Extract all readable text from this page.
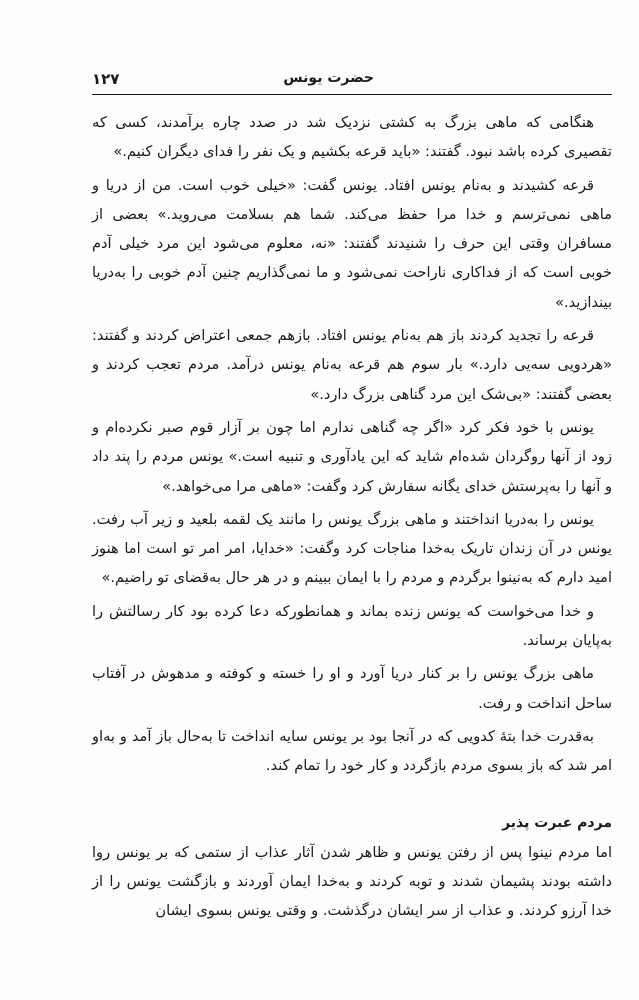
حضرت یونس
۱۲۷

هنگامی که ماهی بزرگ به کشتی نزدیک شد در صدد چاره برآمدند، کسی که تقصیری کرده باشد نبود. گفتند: «باید قرعه بکشیم و یک نفر را فدای دیگران کنیم.»

قرعه کشیدند و به‌نام یونس افتاد. یونس گفت: «خیلی خوب است. من از دریا و ماهی نمی‌ترسم و خدا مرا حفظ می‌کند. شما هم بسلامت می‌روید.» بعضی از مسافران وقتی این حرف را شنیدند گفتند: «نه، معلوم می‌شود این مرد خیلی آدم خوبی است که از فداکاری ناراحت نمی‌شود و ما نمی‌گذاریم چنین آدم خوبی را به‌دریا بیندازید.»

قرعه را تجدید کردند باز هم به‌نام یونس افتاد. بازهم جمعی اعتراض کردند و گفتند: «هردویی سه‌یی دارد.» بار سوم هم قرعه به‌نام یونس درآمد. مردم تعجب کردند و بعضی گفتند: «بی‌شک این مرد گناهی بزرگ دارد.»

یونس با خود فکر کرد «اگر چه گناهی ندارم اما چون بر آزار قوم صبر نکرده‌ام و زود از آنها روگردان شده‌ام شاید که این یادآوری و تنبیه است.» یونس مردم را پند داد و آنها را به‌پرستش خدای یگانه سفارش کرد وگفت: «ماهی مرا می‌خواهد.»

یونس را به‌دریا انداختند و ماهی بزرگ یونس را مانند یک لقمه بلعید و زیر آب رفت. یونس در آن زندان تاریک به‌خدا مناجات کرد وگفت: «خدایا، امر امر تو است اما هنوز امید دارم که به‌نینوا برگردم و مردم را با ایمان ببینم و در هر حال به‌قضای تو راضیم.»

و خدا می‌خواست که یونس زنده بماند و همانطورکه دعا کرده بود کار رسالتش را به‌پایان برساند.

ماهی بزرگ یونس را بر کنار دریا آورد و او را خسته و کوفته و مدهوش در آفتاب ساحل انداخت و رفت.

به‌قدرت خدا بتهٔ کدویی که در آنجا بود بر یونس سایه انداخت تا به‌حال باز آمد و به‌او امر شد که باز بسوی مردم بازگردد و کار خود را تمام کند.

مردم عبرت پذیر

اما مردم نینوا پس از رفتن یونس و ظاهر شدن آثار عذاب از ستمی که بر یونس روا داشته بودند پشیمان شدند و توبه کردند و به‌خدا ایمان آوردند و بازگشت یونس را از خدا آرزو کردند. و عذاب از سر ایشان درگذشت. و وقتی یونس بسوی ایشان
